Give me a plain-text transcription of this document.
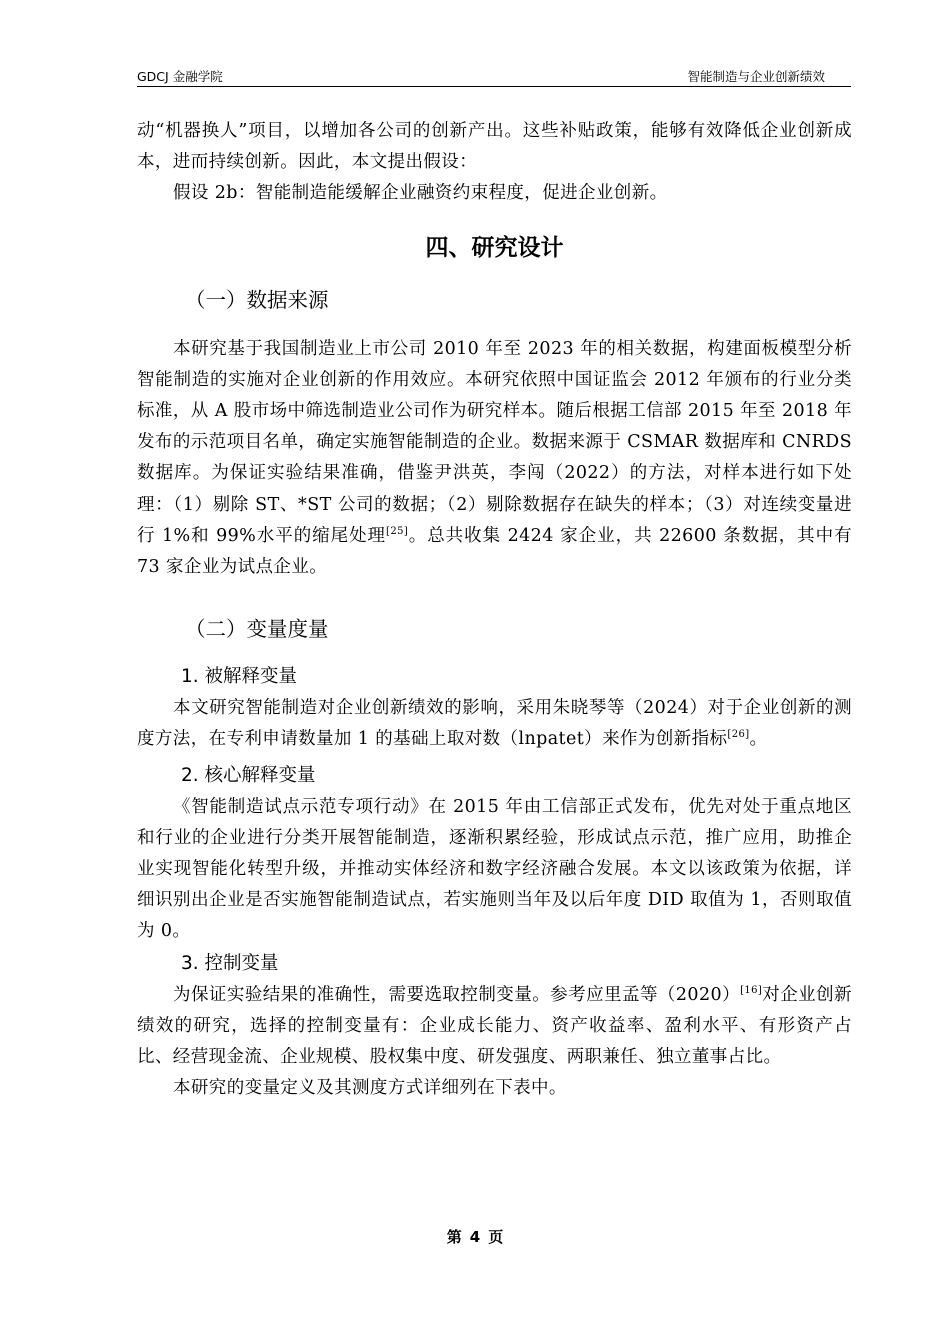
GDCJ 金融学院	智能制造与企业创新绩效

动“机器换人”项目，以增加各公司的创新产出。这些补贴政策，能够有效降低企业创新成本，进而持续创新。因此，本文提出假设：

假设 2b：智能制造能缓解企业融资约束程度，促进企业创新。

四、研究设计
（一）数据来源

本研究基于我国制造业上市公司 2010 年至 2023 年的相关数据，构建面板模型分析智能制造的实施对企业创新的作用效应。本研究依照中国证监会 2012 年颁布的行业分类标准，从 A 股市场中筛选制造业公司作为研究样本。随后根据工信部 2015 年至 2018 年发布的示范项目名单，确定实施智能制造的企业。数据来源于 CSMAR 数据库和 CNRDS 数据库。为保证实验结果准确，借鉴尹洪英，李闯（2022）的方法，对样本进行如下处理：（1）剔除 ST、*ST 公司的数据；（2）剔除数据存在缺失的样本；（3）对连续变量进行 1%和 99%水平的缩尾处理[25]。总共收集 2424 家企业，共 22600 条数据，其中有 73 家企业为试点企业。

（二）变量度量
1. 被解释变量

本文研究智能制造对企业创新绩效的影响，采用朱晓琴等（2024）对于企业创新的测度方法，在专利申请数量加 1 的基础上取对数（lnpatet）来作为创新指标[26]。

2. 核心解释变量

《智能制造试点示范专项行动》在 2015 年由工信部正式发布，优先对处于重点地区和行业的企业进行分类开展智能制造，逐渐积累经验，形成试点示范，推广应用，助推企业实现智能化转型升级，并推动实体经济和数字经济融合发展。本文以该政策为依据，详细识别出企业是否实施智能制造试点，若实施则当年及以后年度 DID 取值为 1，否则取值为 0。

3. 控制变量

为保证实验结果的准确性，需要选取控制变量。参考应里孟等（2020）[16]对企业创新绩效的研究，选择的控制变量有：企业成长能力、资产收益率、盈利水平、有形资产占比、经营现金流、企业规模、股权集中度、研发强度、两职兼任、独立董事占比。

本研究的变量定义及其测度方式详细列在下表中。

第 4 页
